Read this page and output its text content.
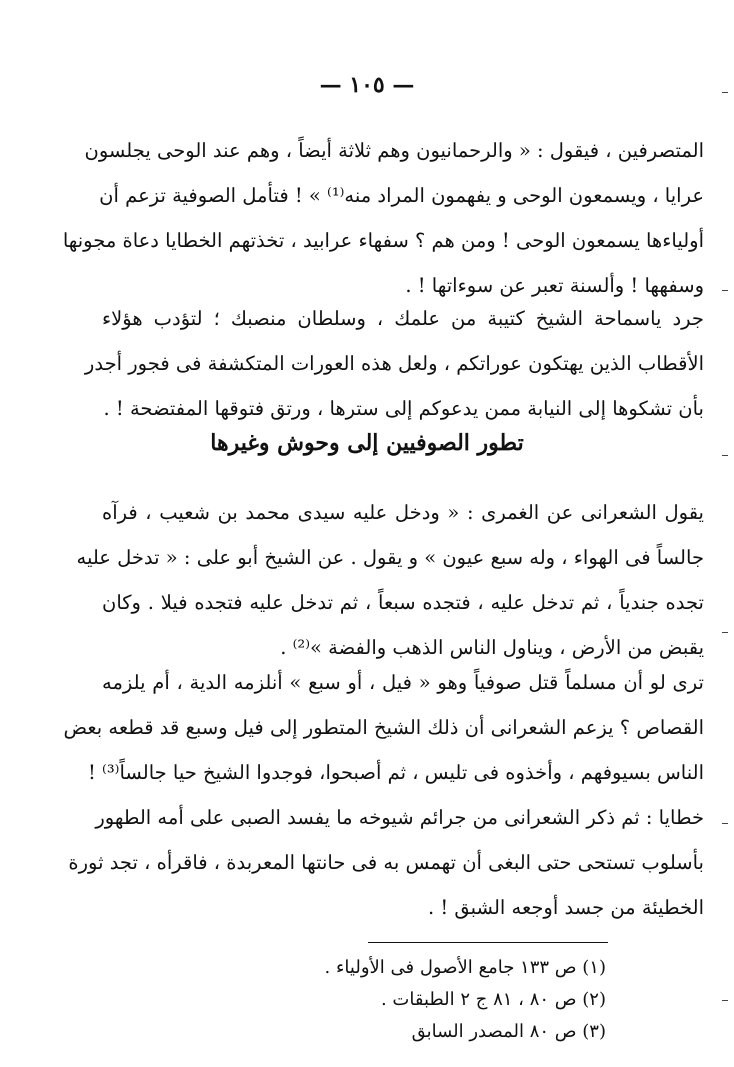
— ١٠٥ —
المتصرفين ، فيقول : « والرحمانيون وهم ثلاثة أيضاً ، وهم عند الوحى يجلسون
عرايا ، ويسمعون الوحى و يفهمون المراد منه⁽¹⁾ » ! فتأمل الصوفية تزعم أن
أولياءها يسمعون الوحى ! ومن هم ؟ سفهاء عرابيد ، تخذتهم الخطايا دعاة مجونها
وسفهها ! وألسنة تعبر عن سوءاتها ! .
جرد ياسماحة الشيخ كتيبة من علمك ، وسلطان منصبك ؛ لتؤدب هؤلاء
الأقطاب الذين يهتكون عوراتكم ، ولعل هذه العورات المتكشفة فى فجور أجدر
بأن تشكوها إلى النيابة ممن يدعوكم إلى سترها ، ورتق فتوقها المفتضحة ! .
تطور الصوفيين إلى وحوش وغيرها
يقول الشعرانى عن الغمرى : « ودخل عليه سيدى محمد بن شعيب ، فرآه
جالساً فى الهواء ، وله سبع عيون » و يقول . عن الشيخ أبو على : « تدخل عليه
تجده جندياً ، ثم تدخل عليه ، فتجده سبعاً ، ثم تدخل عليه فتجده فيلا . وكان
يقبض من الأرض ، ويناول الناس الذهب والفضة »⁽²⁾ .
ترى لو أن مسلماً قتل صوفياً وهو « فيل ، أو سبع » أنلزمه الدية ، أم يلزمه
القصاص ؟ يزعم الشعرانى أن ذلك الشيخ المتطور إلى فيل وسبع قد قطعه بعض
الناس بسيوفهم ، وأخذوه فى تليس ، ثم أصبحوا، فوجدوا الشيخ حيا جالساً⁽³⁾ !
خطايا : ثم ذكر الشعرانى من جرائم شيوخه ما يفسد الصبى على أمه الطهور
بأسلوب تستحى حتى البغى أن تهمس به فى حانتها المعربدة ، فاقرأه ، تجد ثورة
الخطيئة من جسد أوجعه الشبق ! .
(١) ص ١٣٣ جامع الأصول فى الأولياء .
(٢) ص ٨٠ ، ٨١ ج ٢ الطبقات .
(٣) ص ٨٠ المصدر السابق
